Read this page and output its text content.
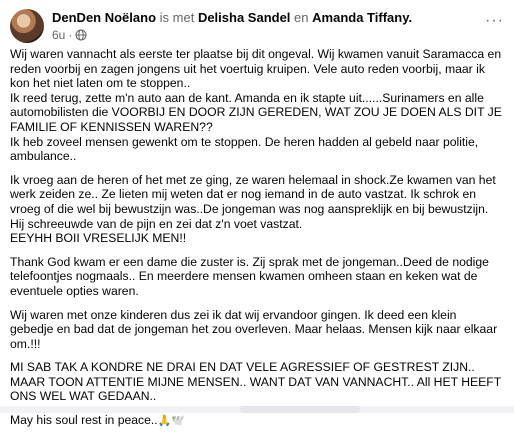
DenDen Noëlano is met Delisha Sandel en Amanda Tiffany.
6u ·
···

Wij waren vannacht als eerste ter plaatse bij dit ongeval. Wij kwamen vanuit Saramacca en reden voorbij en zagen jongens uit het voertuig kruipen. Vele auto reden voorbij, maar ik kon het niet laten om te stoppen..
Ik reed terug, zette m'n auto aan de kant. Amanda en ik stapte uit......Surinamers en alle automobilisten die VOORBIJ EN DOOR ZIJN GEREDEN, WAT ZOU JE DOEN ALS DIT JE FAMILIE OF KENNISSEN WAREN??
Ik heb zoveel mensen gewenkt om te stoppen. De heren hadden al gebeld naar politie, ambulance..

Ik vroeg aan de heren of het met ze ging, ze waren helemaal in shock.Ze kwamen van het werk zeiden ze.. Ze lieten mij weten dat er nog iemand in de auto vastzat. Ik schrok en vroeg of die wel bij bewustzijn was..De jongeman was nog aanspreklijk en bij bewustzijn. Hij schreeuwde van de pijn en zei dat z'n voet vastzat.
EEYHH BOII VRESELIJK MEN!!

Thank God kwam er een dame die zuster is. Zij sprak met de jongeman..Deed de nodige telefoontjes nogmaals.. En meerdere mensen kwamen omheen staan en keken wat de eventuele opties waren.

Wij waren met onze kinderen dus zei ik dat wij ervandoor gingen. Ik deed een klein gebedje en bad dat de jongeman het zou overleven. Maar helaas. Mensen kijk naar elkaar om.!!!

MI SAB TAK A KONDRE NE DRAI EN DAT VELE AGRESSIEF OF GESTREST ZIJN.. MAAR TOON ATTENTIE MIJNE MENSEN.. WANT DAT VAN VANNACHT.. All HET HEEFT ONS WEL WAT GEDAAN..

May his soul rest in peace..🙏🕊️
